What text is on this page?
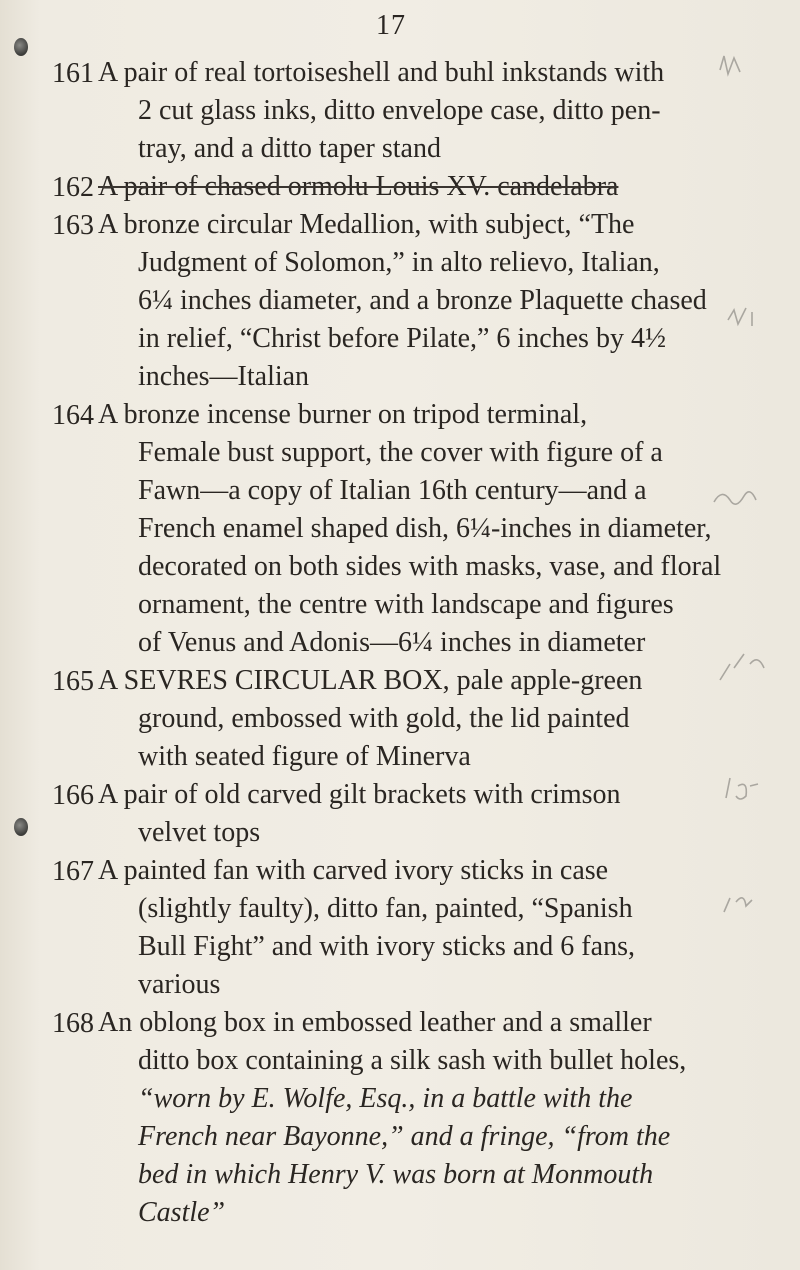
17
161 A pair of real tortoiseshell and buhl inkstands with
2 cut glass inks, ditto envelope case, ditto pen-
tray, and a ditto taper stand
162 A pair of chased ormolu Louis XV. candelabra
163 A bronze circular Medallion, with subject, “The
Judgment of Solomon,” in alto relievo, Italian,
6¼ inches diameter, and a bronze Plaquette chased
in relief, “Christ before Pilate,” 6 inches by 4½
inches—Italian
164 A bronze incense burner on tripod terminal,
Female bust support, the cover with figure of a
Fawn—a copy of Italian 16th century—and a
French enamel shaped dish, 6¼-inches in diameter,
decorated on both sides with masks, vase, and floral
ornament, the centre with landscape and figures
of Venus and Adonis—6¼ inches in diameter
165 A SEVRES CIRCULAR BOX, pale apple-green
ground, embossed with gold, the lid painted
with seated figure of Minerva
166 A pair of old carved gilt brackets with crimson
velvet tops
167 A painted fan with carved ivory sticks in case
(slightly faulty), ditto fan, painted, “Spanish
Bull Fight” and with ivory sticks and 6 fans,
various
168 An oblong box in embossed leather and a smaller
ditto box containing a silk sash with bullet holes,
“worn by E. Wolfe, Esq., in a battle with the
French near Bayonne,” and a fringe, “from the
bed in which Henry V. was born at Monmouth
Castle”
